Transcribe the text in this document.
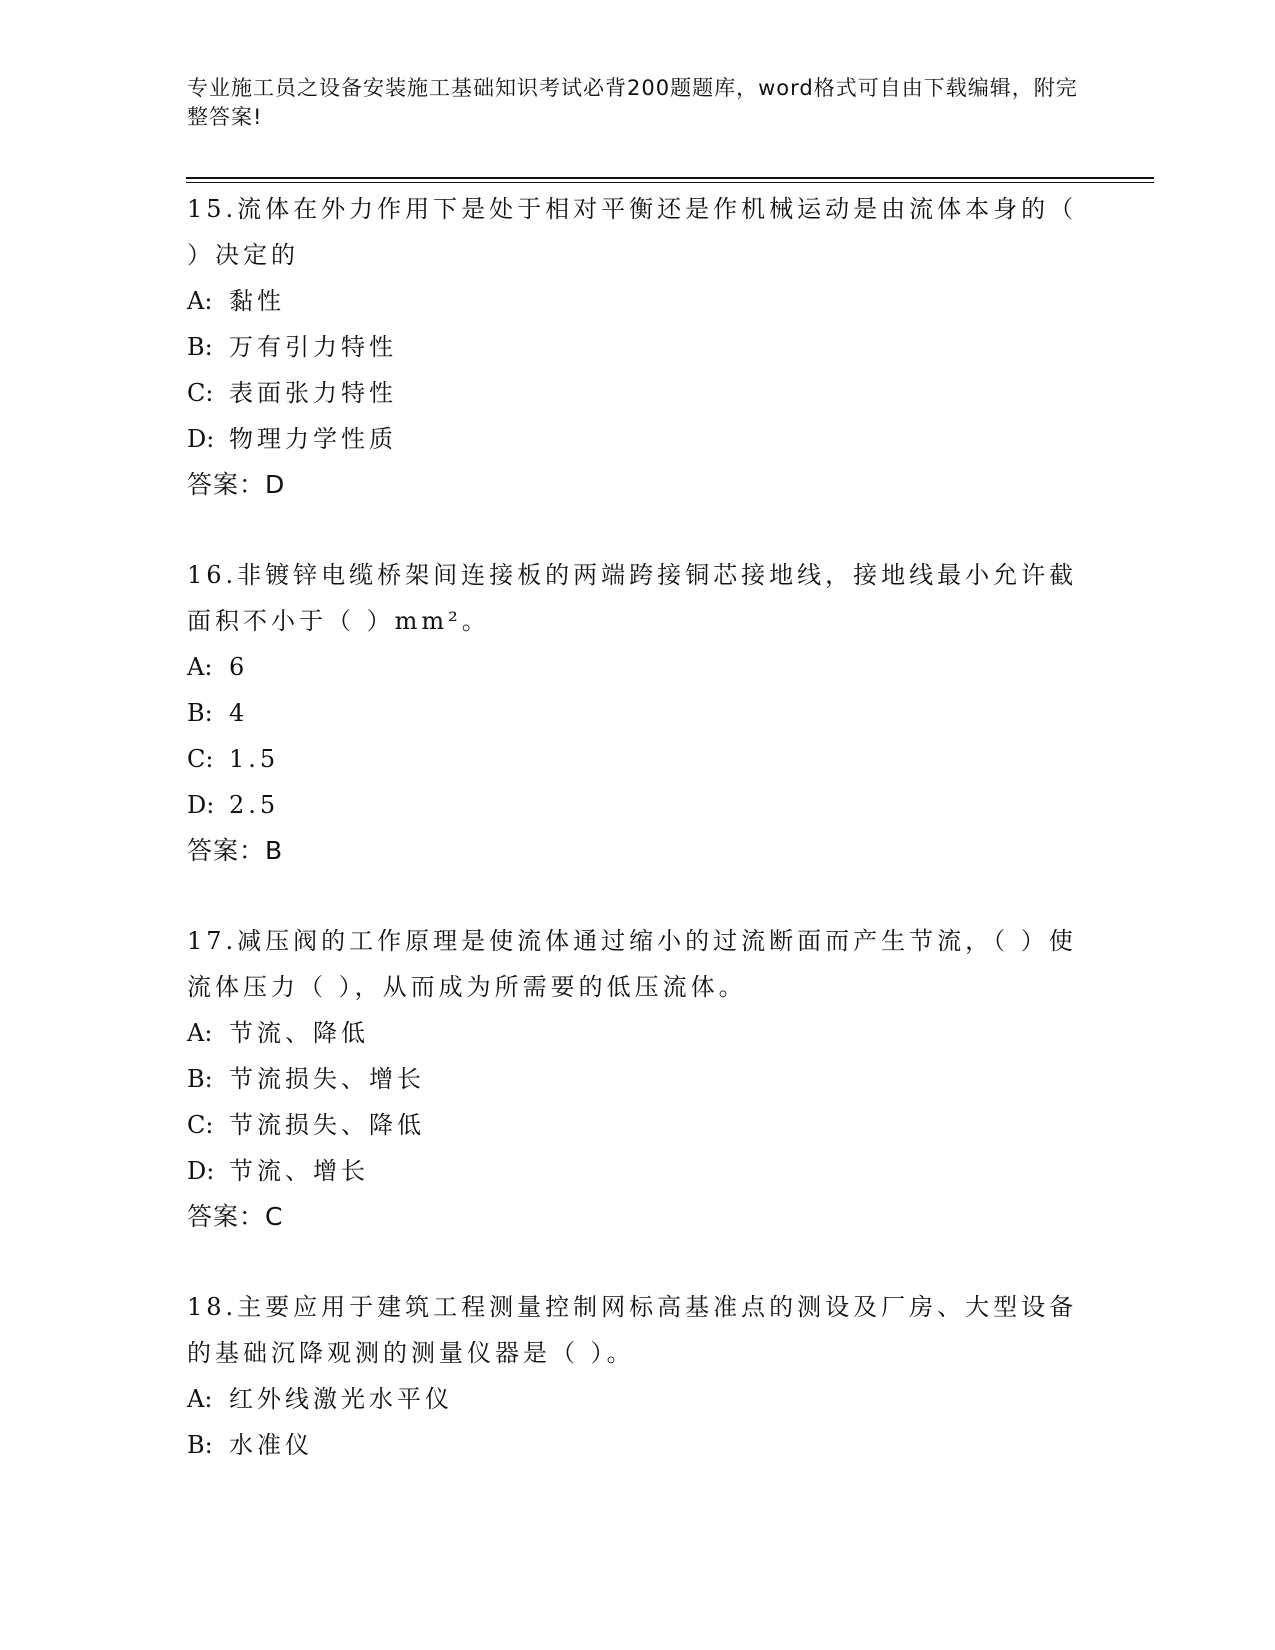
专业施工员之设备安装施工基础知识考试必背200题题库，word格式可自由下载编辑，附完整答案!
15.流体在外力作用下是处于相对平衡还是作机械运动是由流体本身的（ ）决定的
A: 黏性
B: 万有引力特性
C: 表面张力特性
D: 物理力学性质
答案：D
16.非镀锌电缆桥架间连接板的两端跨接铜芯接地线，接地线最小允许截面积不小于（ ）mm²。
A: 6
B: 4
C: 1.5
D: 2.5
答案：B
17.减压阀的工作原理是使流体通过缩小的过流断面而产生节流，（ ）使流体压力（ ），从而成为所需要的低压流体。
A: 节流、降低
B: 节流损失、增长
C: 节流损失、降低
D: 节流、增长
答案：C
18.主要应用于建筑工程测量控制网标高基准点的测设及厂房、大型设备的基础沉降观测的测量仪器是（ ）。
A: 红外线激光水平仪
B: 水准仪
